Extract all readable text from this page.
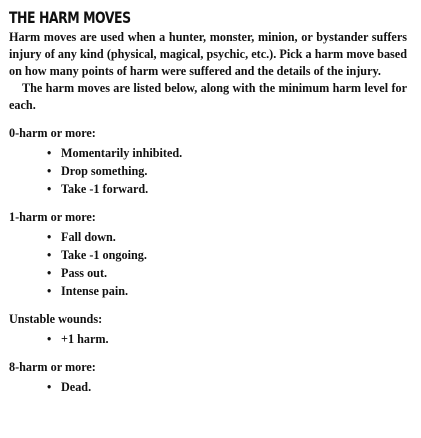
THE HARM MOVES

Harm moves are used when a hunter, monster, minion, or bystander suffers injury of any kind (physical, magical, psychic, etc.). Pick a harm move based on how many points of harm were suffered and the details of the injury.

The harm moves are listed below, along with the minimum harm level for each.

0-harm or more:

• Momentarily inhibited.
• Drop something.
• Take -1 forward.

1-harm or more:

• Fall down.
• Take -1 ongoing.
• Pass out.
• Intense pain.

Unstable wounds:

• +1 harm.

8-harm or more:

• Dead.
